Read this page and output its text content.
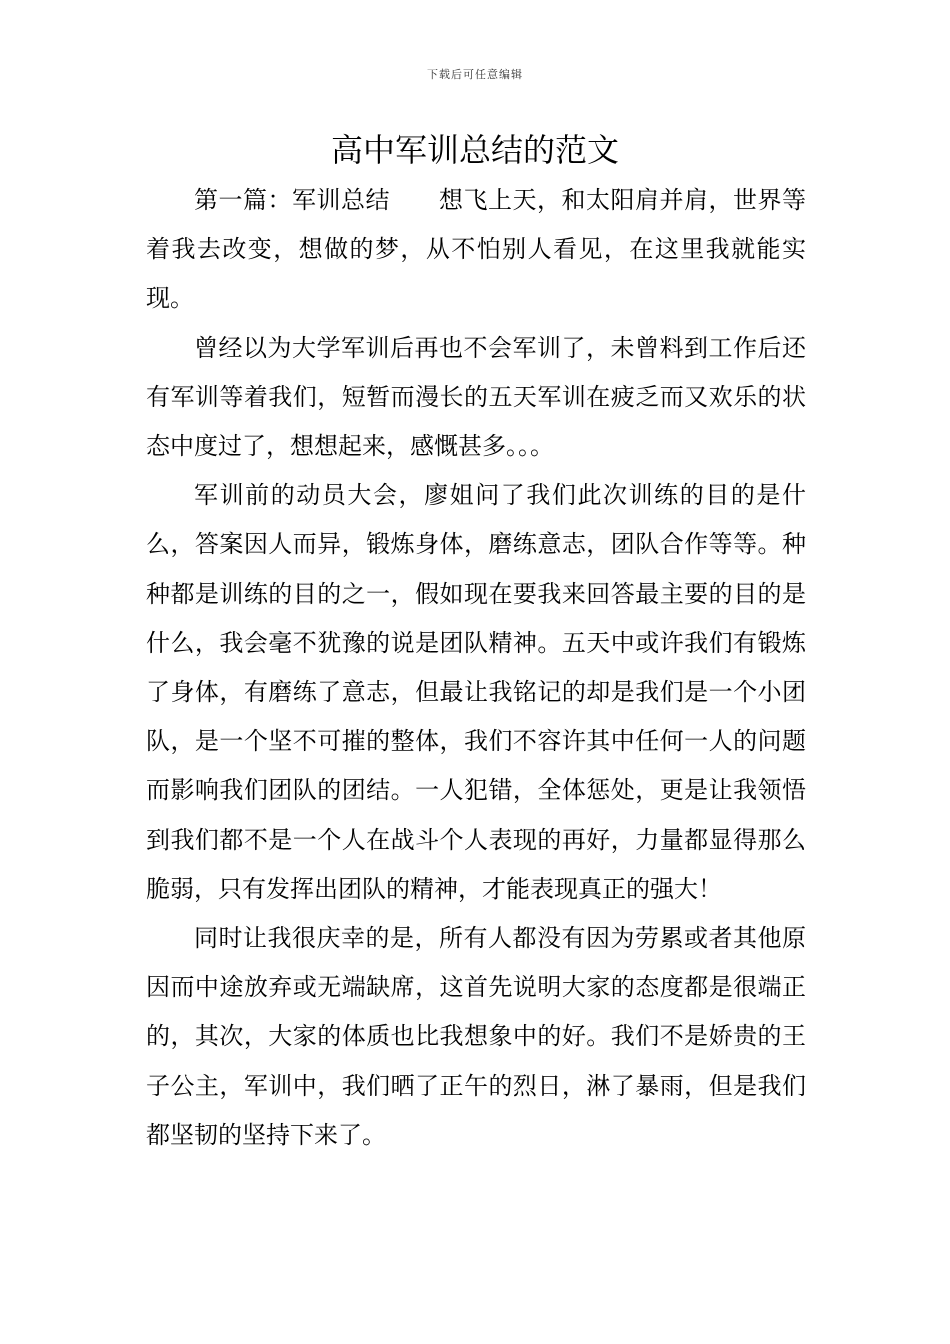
下载后可任意编辑
高中军训总结的范文

第一篇：军训总结　　想飞上天，和太阳肩并肩，世界等着我去改变，想做的梦，从不怕别人看见，在这里我就能实现。

曾经以为大学军训后再也不会军训了，未曾料到工作后还有军训等着我们，短暂而漫长的五天军训在疲乏而又欢乐的状态中度过了，想想起来，感慨甚多。。。

军训前的动员大会，廖姐问了我们此次训练的目的是什么，答案因人而异，锻炼身体，磨练意志，团队合作等等。种种都是训练的目的之一，假如现在要我来回答最主要的目的是什么，我会毫不犹豫的说是团队精神。五天中或许我们有锻炼了身体，有磨练了意志，但最让我铭记的却是我们是一个小团队，是一个坚不可摧的整体，我们不容许其中任何一人的问题而影响我们团队的团结。一人犯错，全体惩处，更是让我领悟到我们都不是一个人在战斗个人表现的再好，力量都显得那么脆弱，只有发挥出团队的精神，才能表现真正的强大！

同时让我很庆幸的是，所有人都没有因为劳累或者其他原因而中途放弃或无端缺席，这首先说明大家的态度都是很端正的，其次，大家的体质也比我想象中的好。我们不是娇贵的王子公主，军训中，我们晒了正午的烈日，淋了暴雨，但是我们都坚韧的坚持下来了。
